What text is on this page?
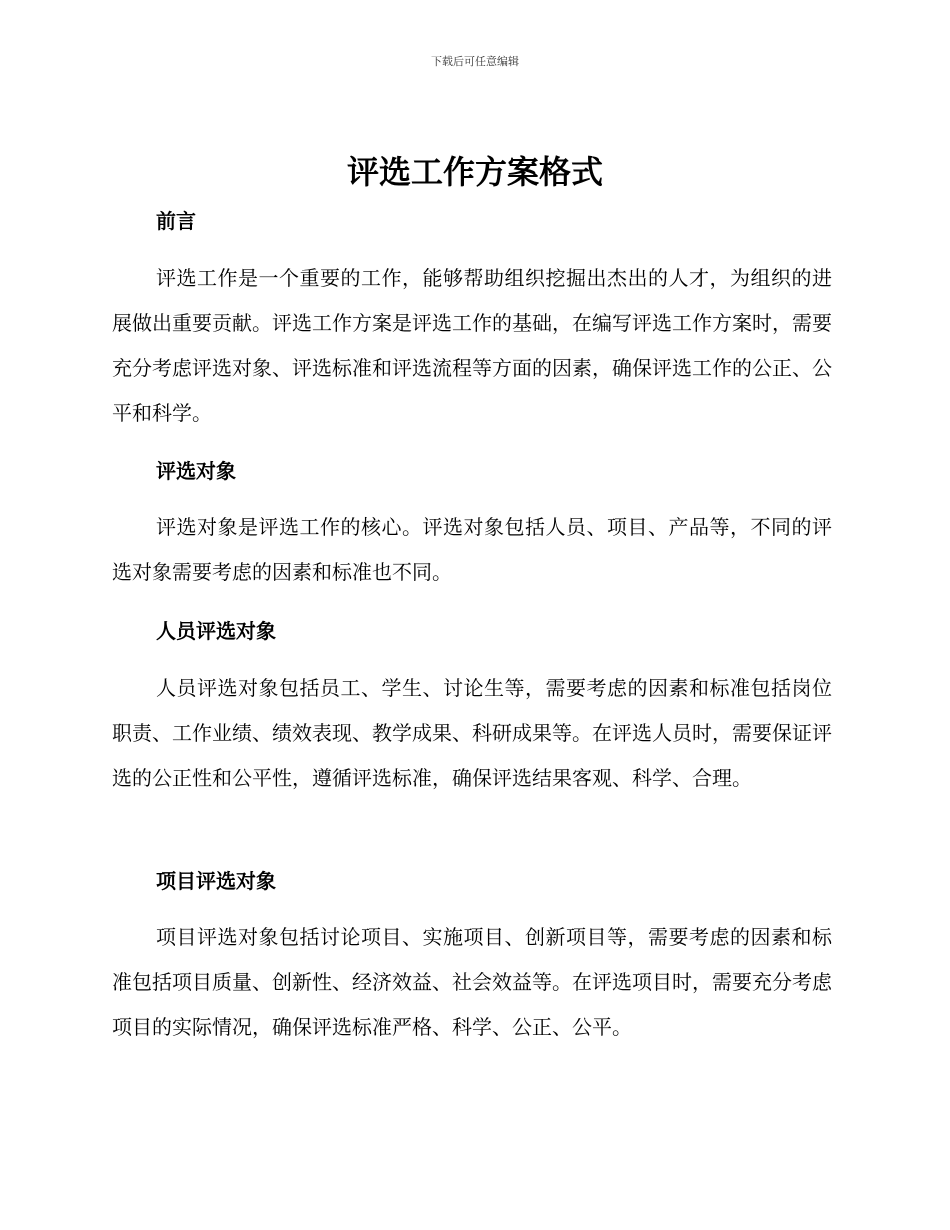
下载后可任意编辑
评选工作方案格式
前言

评选工作是一个重要的工作，能够帮助组织挖掘出杰出的人才，为组织的进展做出重要贡献。评选工作方案是评选工作的基础，在编写评选工作方案时，需要充分考虑评选对象、评选标准和评选流程等方面的因素，确保评选工作的公正、公平和科学。

评选对象

评选对象是评选工作的核心。评选对象包括人员、项目、产品等，不同的评选对象需要考虑的因素和标准也不同。

人员评选对象

人员评选对象包括员工、学生、讨论生等，需要考虑的因素和标准包括岗位职责、工作业绩、绩效表现、教学成果、科研成果等。在评选人员时，需要保证评选的公正性和公平性，遵循评选标准，确保评选结果客观、科学、合理。

项目评选对象

项目评选对象包括讨论项目、实施项目、创新项目等，需要考虑的因素和标准包括项目质量、创新性、经济效益、社会效益等。在评选项目时，需要充分考虑项目的实际情况，确保评选标准严格、科学、公正、公平。
